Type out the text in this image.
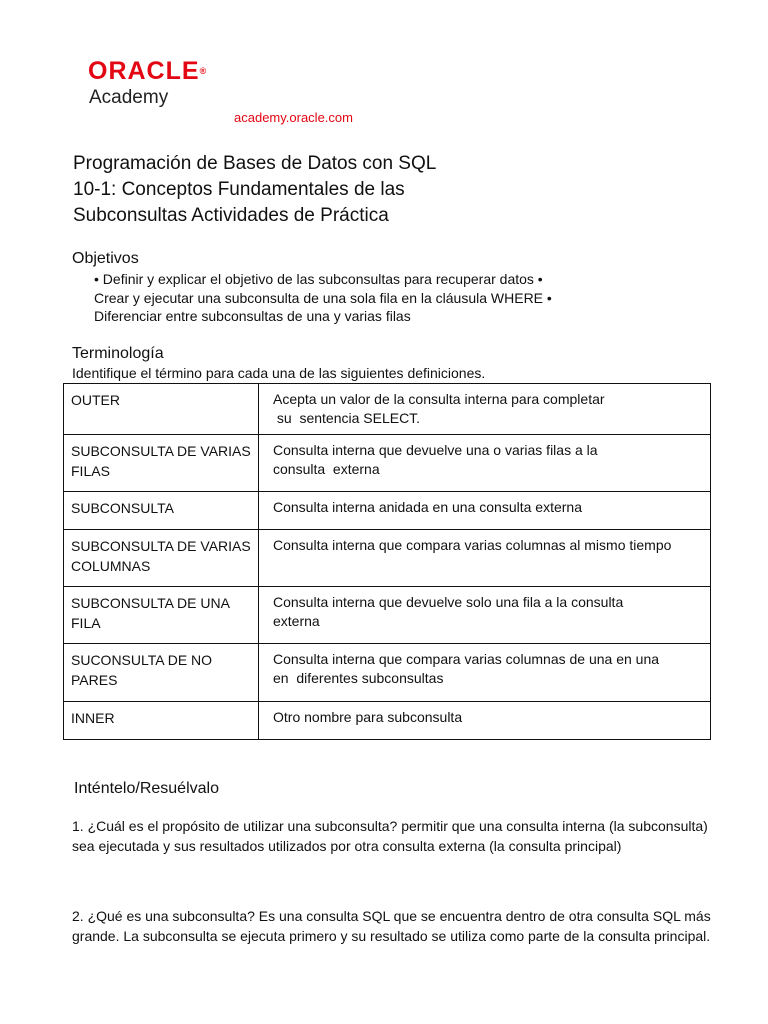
ORACLE®
Academy
academy.oracle.com
Programación de Bases de Datos con SQL
10-1: Conceptos Fundamentales de las
Subconsultas Actividades de Práctica
Objetivos
• Definir y explicar el objetivo de las subconsultas para recuperar datos •
Crear y ejecutar una subconsulta de una sola fila en la cláusula WHERE •
Diferenciar entre subconsultas de una y varias filas
Terminología
Identifique el término para cada una de las siguientes definiciones.
OUTER	Acepta un valor de la consulta interna para completar
su  sentencia SELECT.

SUBCONSULTA DE VARIAS FILAS	Consulta interna que devuelve una o varias filas a la
consulta  externa

SUBCONSULTA	Consulta interna anidada en una consulta externa

SUBCONSULTA DE VARIAS COLUMNAS	Consulta interna que compara varias columnas al mismo tiempo

SUBCONSULTA DE UNA FILA	Consulta interna que devuelve solo una fila a la consulta
externa

SUCONSULTA DE NO PARES	Consulta interna que compara varias columnas de una en una
en  diferentes subconsultas

INNER	Otro nombre para subconsulta
Inténtelo/Resuélvalo
1. ¿Cuál es el propósito de utilizar una subconsulta? permitir que una consulta interna (la subconsulta) sea ejecutada y sus resultados utilizados por otra consulta externa (la consulta principal)
2. ¿Qué es una subconsulta? Es una consulta SQL que se encuentra dentro de otra consulta SQL más grande. La subconsulta se ejecuta primero y su resultado se utiliza como parte de la consulta principal.
